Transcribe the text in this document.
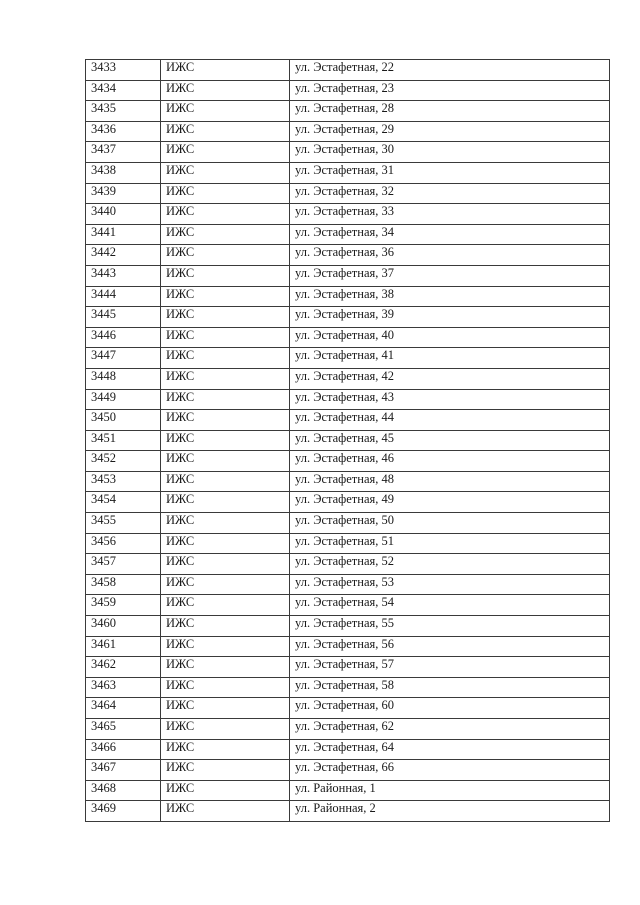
3433	ИЖС	ул. Эстафетная, 22
3434	ИЖС	ул. Эстафетная, 23
3435	ИЖС	ул. Эстафетная, 28
3436	ИЖС	ул. Эстафетная, 29
3437	ИЖС	ул. Эстафетная, 30
3438	ИЖС	ул. Эстафетная, 31
3439	ИЖС	ул. Эстафетная, 32
3440	ИЖС	ул. Эстафетная, 33
3441	ИЖС	ул. Эстафетная, 34
3442	ИЖС	ул. Эстафетная, 36
3443	ИЖС	ул. Эстафетная, 37
3444	ИЖС	ул. Эстафетная, 38
3445	ИЖС	ул. Эстафетная, 39
3446	ИЖС	ул. Эстафетная, 40
3447	ИЖС	ул. Эстафетная, 41
3448	ИЖС	ул. Эстафетная, 42
3449	ИЖС	ул. Эстафетная, 43
3450	ИЖС	ул. Эстафетная, 44
3451	ИЖС	ул. Эстафетная, 45
3452	ИЖС	ул. Эстафетная, 46
3453	ИЖС	ул. Эстафетная, 48
3454	ИЖС	ул. Эстафетная, 49
3455	ИЖС	ул. Эстафетная, 50
3456	ИЖС	ул. Эстафетная, 51
3457	ИЖС	ул. Эстафетная, 52
3458	ИЖС	ул. Эстафетная, 53
3459	ИЖС	ул. Эстафетная, 54
3460	ИЖС	ул. Эстафетная, 55
3461	ИЖС	ул. Эстафетная, 56
3462	ИЖС	ул. Эстафетная, 57
3463	ИЖС	ул. Эстафетная, 58
3464	ИЖС	ул. Эстафетная, 60
3465	ИЖС	ул. Эстафетная, 62
3466	ИЖС	ул. Эстафетная, 64
3467	ИЖС	ул. Эстафетная, 66
3468	ИЖС	ул. Районная, 1
3469	ИЖС	ул. Районная, 2
